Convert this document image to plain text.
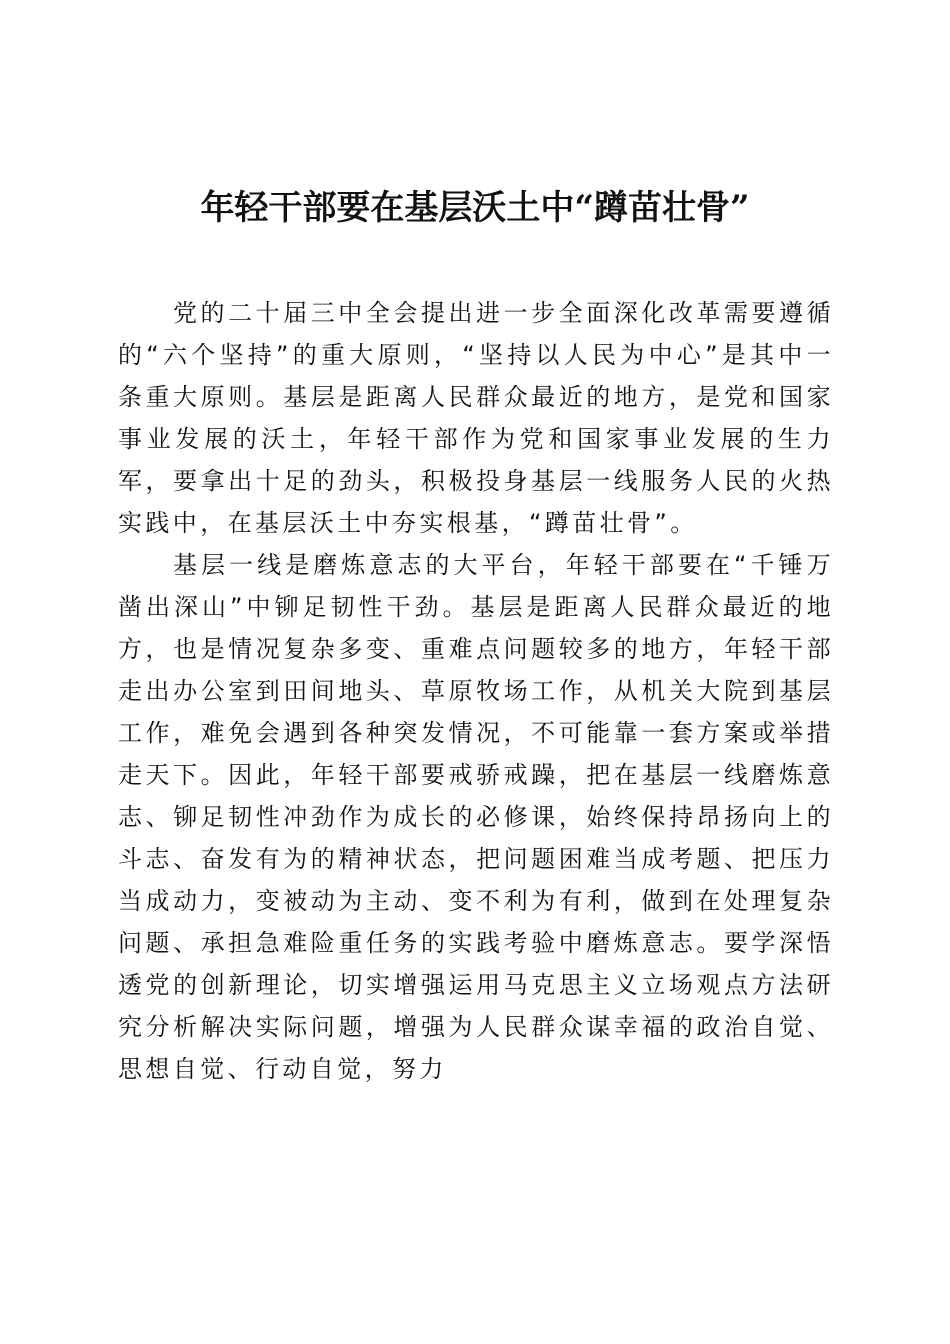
年轻干部要在基层沃土中“蹲苗壮骨”

党的二十届三中全会提出进一步全面深化改革需要遵循的“六个坚持”的重大原则，“坚持以人民为中心”是其中一条重大原则。基层是距离人民群众最近的地方，是党和国家事业发展的沃土，年轻干部作为党和国家事业发展的生力军，要拿出十足的劲头，积极投身基层一线服务人民的火热实践中，在基层沃土中夯实根基，“蹲苗壮骨”。

基层一线是磨炼意志的大平台，年轻干部要在“千锤万凿出深山”中铆足韧性干劲。基层是距离人民群众最近的地方，也是情况复杂多变、重难点问题较多的地方，年轻干部走出办公室到田间地头、草原牧场工作，从机关大院到基层工作，难免会遇到各种突发情况，不可能靠一套方案或举措走天下。因此，年轻干部要戒骄戒躁，把在基层一线磨炼意志、铆足韧性冲劲作为成长的必修课，始终保持昂扬向上的斗志、奋发有为的精神状态，把问题困难当成考题、把压力当成动力，变被动为主动、变不利为有利，做到在处理复杂问题、承担急难险重任务的实践考验中磨炼意志。要学深悟透党的创新理论，切实增强运用马克思主义立场观点方法研究分析解决实际问题，增强为人民群众谋幸福的政治自觉、思想自觉、行动自觉，努力
